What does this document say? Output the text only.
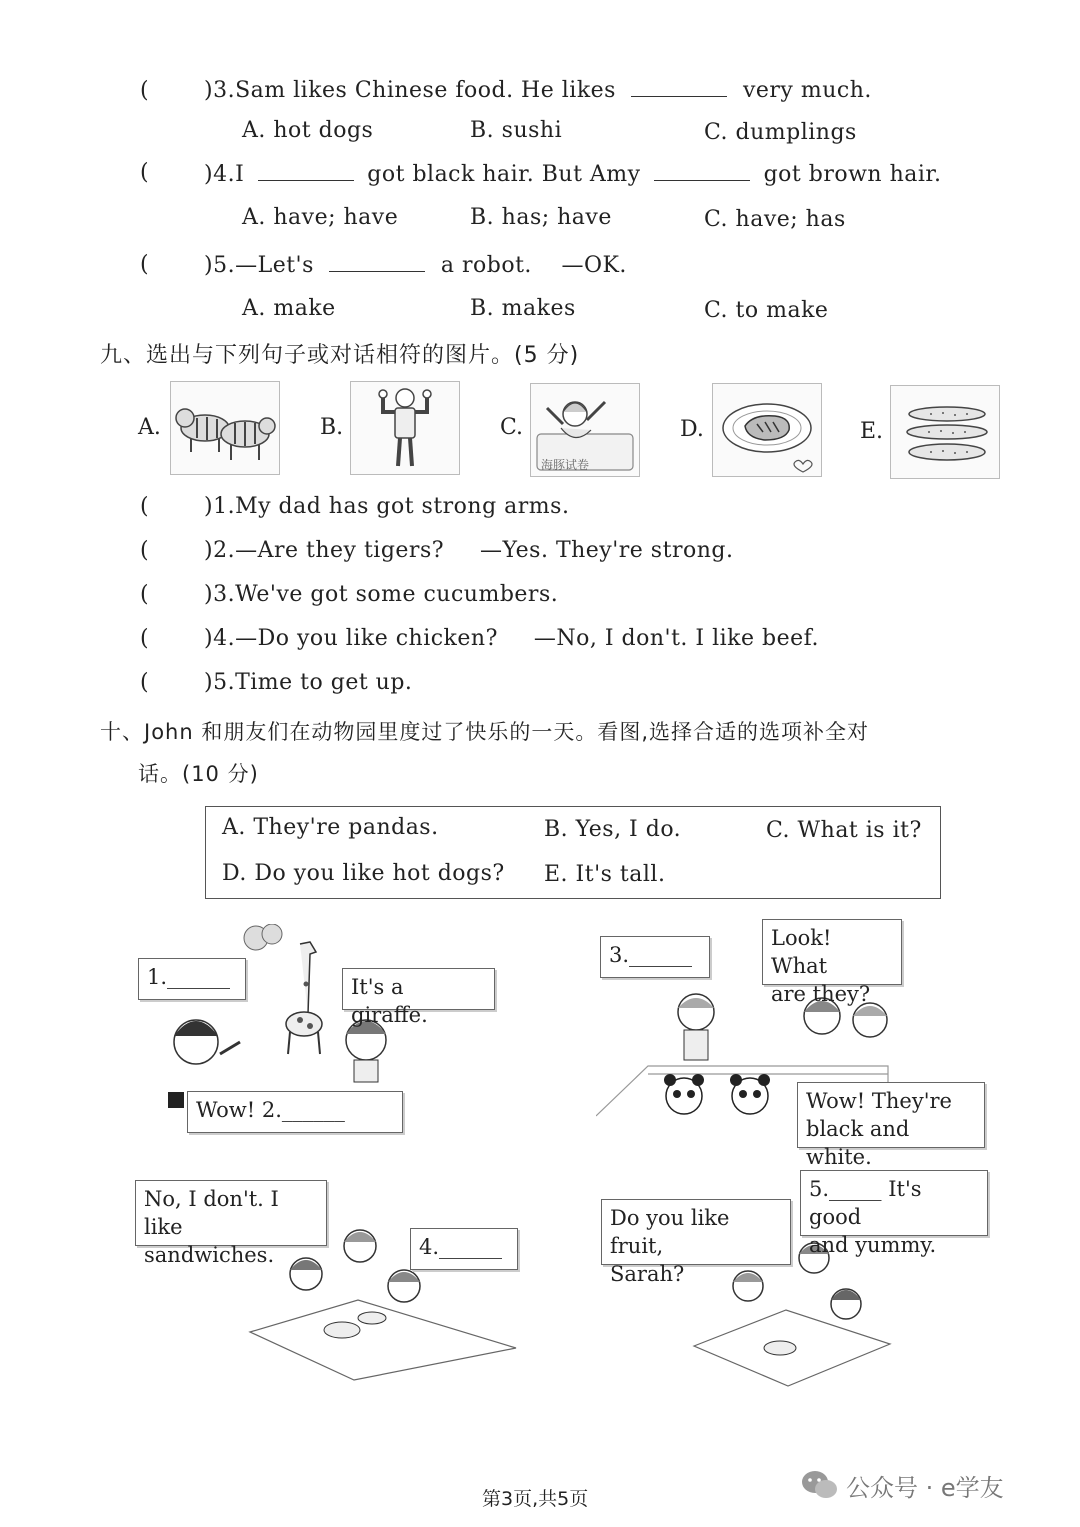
(	)3.Sam likes Chinese food. He likes	very much.
A. hot dogs	B. sushi	C. dumplings
(	)4.I	got black hair. But Amy	got brown hair.
A. have; have	B. has; have	C. have; has
(	)5.—Let's	a robot. —OK.
A. make	B. makes	C. to make
九、选出与下列句子或对话相符的图片。(5 分)
A.	B.	C.
海豚试卷
D.	E.
(	)1.My dad has got strong arms.
(	)2.—Are they tigers? —Yes. They're strong.
(	)3.We've got some cucumbers.
(	)4.—Do you like chicken? —No, I don't. I like beef.
(	)5.Time to get up.
十、John 和朋友们在动物园里度过了快乐的一天。看图,选择合适的选项补全对
话。(10 分)
A. They're pandas.	B. Yes, I do.	C. What is it?
D. Do you like hot dogs? E. It's tall.
1.______	It's a giraffe.
Wow! 2.______
3.______
Look! What
are they?
Wow! They're
black and white.
No, I don't. I like
sandwiches.	4.______
Do you like fruit,
Sarah?
5._____ It's good
and yummy.
第3页,共5页	公众号 · e学友
